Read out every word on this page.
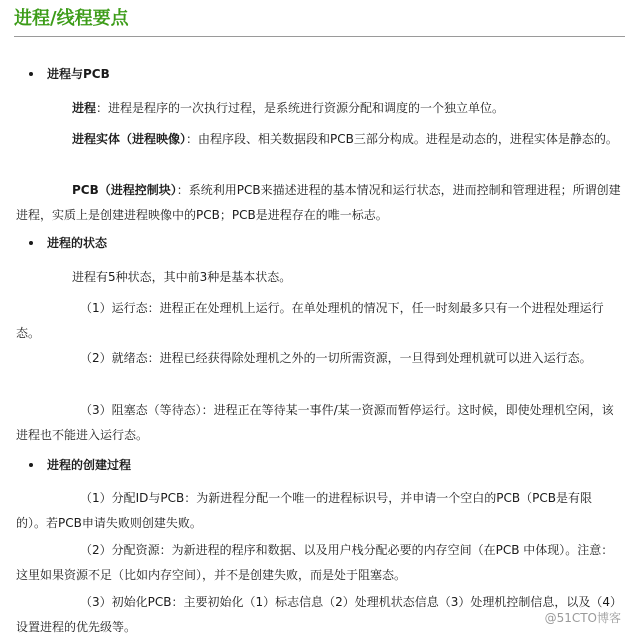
进程/线程要点
进程与PCB

进程：进程是程序的一次执行过程，是系统进行资源分配和调度的一个独立单位。

进程实体（进程映像）：由程序段、相关数据段和PCB三部分构成。进程是动态的，进程实体是静态的。

PCB（进程控制块）：系统利用PCB来描述进程的基本情况和运行状态，进而控制和管理进程；所谓创建进程，实质上是创建进程映像中的PCB；PCB是进程存在的唯一标志。

进程的状态

进程有5种状态，其中前3种是基本状态。

（1）运行态：进程正在处理机上运行。在单处理机的情况下，任一时刻最多只有一个进程处理运行态。

（2）就绪态：进程已经获得除处理机之外的一切所需资源，一旦得到处理机就可以进入运行态。

（3）阻塞态（等待态）：进程正在等待某一事件/某一资源而暂停运行。这时候，即使处理机空闲，该进程也不能进入运行态。

进程的创建过程

（1）分配ID与PCB：为新进程分配一个唯一的进程标识号，并申请一个空白的PCB（PCB是有限的）。若PCB申请失败则创建失败。

（2）分配资源：为新进程的程序和数据、以及用户栈分配必要的内存空间（在PCB 中体现）。注意：这里如果资源不足（比如内存空间），并不是创建失败，而是处于阻塞态。

（3）初始化PCB：主要初始化（1）标志信息（2）处理机状态信息（3）处理机控制信息，以及（4）设置进程的优先级等。

@51CTO博客
